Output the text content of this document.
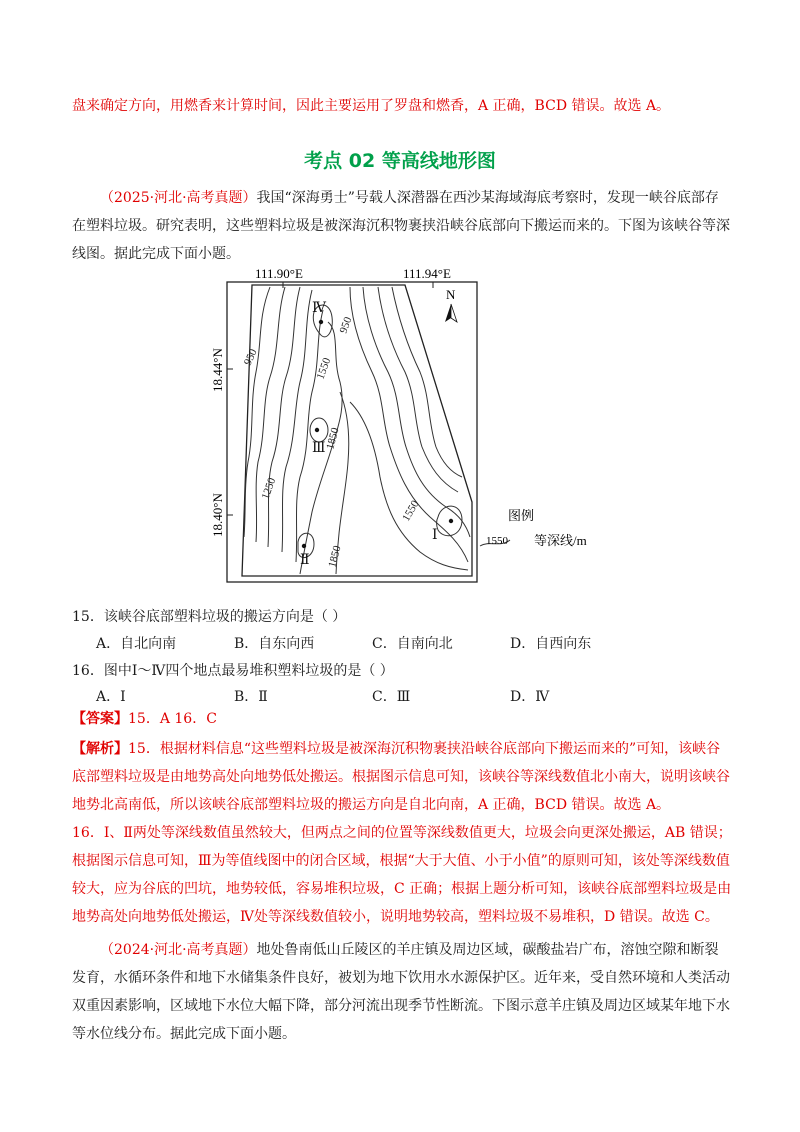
盘来确定方向，用燃香来计算时间，因此主要运用了罗盘和燃香，A 正确，BCD 错误。故选 A。
考点 02 等高线地形图
（2025·河北·高考真题）我国“深海勇士”号载人深潜器在西沙某海域海底考察时，发现一峡谷底部存在塑料垃圾。研究表明，这些塑料垃圾是被深海沉积物裹挟沿峡谷底部向下搬运而来的。下图为该峡谷等深线图。据此完成下面小题。
111.90°E	111.94°E
18.44°N
18.40°N
950
950
1550
1850
1250
1550
1850
Ⅰ
Ⅱ
Ⅲ
Ⅳ
N
图例
1550 等深线/m
15．该峡谷底部塑料垃圾的搬运方向是（ ）
A．自北向南	B．自东向西	C．自南向北	D．自西向东
16．图中Ⅰ～Ⅳ四个地点最易堆积塑料垃圾的是（ ）
A．Ⅰ	B．Ⅱ	C．Ⅲ	D．Ⅳ
【答案】15．A 16．C
【解析】15．根据材料信息“这些塑料垃圾是被深海沉积物裹挟沿峡谷底部向下搬运而来的”可知，该峡谷底部塑料垃圾是由地势高处向地势低处搬运。根据图示信息可知，该峡谷等深线数值北小南大，说明该峡谷地势北高南低，所以该峡谷底部塑料垃圾的搬运方向是自北向南，A 正确，BCD 错误。故选 A。
16．Ⅰ、Ⅱ两处等深线数值虽然较大，但两点之间的位置等深线数值更大，垃圾会向更深处搬运，AB 错误；根据图示信息可知，Ⅲ为等值线图中的闭合区域，根据“大于大值、小于小值”的原则可知，该处等深线数值较大，应为谷底的凹坑，地势较低，容易堆积垃圾，C 正确；根据上题分析可知，该峡谷底部塑料垃圾是由地势高处向地势低处搬运，Ⅳ处等深线数值较小，说明地势较高，塑料垃圾不易堆积，D 错误。故选 C。
（2024·河北·高考真题）地处鲁南低山丘陵区的羊庄镇及周边区域，碳酸盐岩广布，溶蚀空隙和断裂发育，水循环条件和地下水储集条件良好，被划为地下饮用水水源保护区。近年来，受自然环境和人类活动双重因素影响，区域地下水位大幅下降，部分河流出现季节性断流。下图示意羊庄镇及周边区域某年地下水等水位线分布。据此完成下面小题。
